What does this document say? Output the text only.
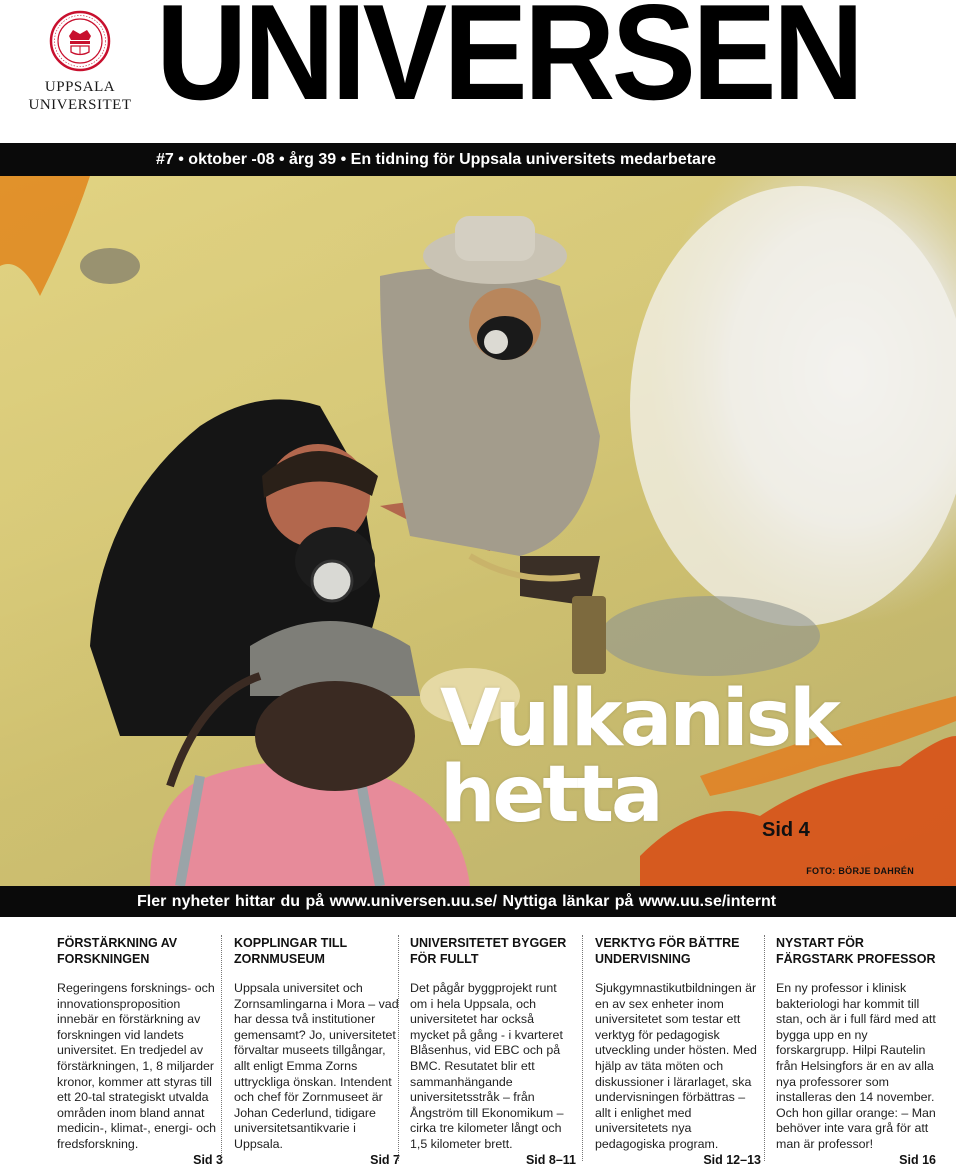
UPPSALA
UNIVERSITET UNIVERSEN
#7 • oktober -08 • årg 39 • En tidning för Uppsala universitets medarbetare
Vulkanisk
hetta	Sid 4
FOTO: BÖRJE DAHRÉN
Fler nyheter hittar du på www.universen.uu.se/ Nyttiga länkar på www.uu.se/internt
FÖRSTÄRKNING AV FORSKNINGEN

Regeringens forsknings- och innovationsproposition innebär en förstärkning av forskningen vid landets universitet. En tredjedel av förstärkningen, 1, 8 miljarder kronor, kommer att styras till ett 20-tal strategiskt utvalda områden inom bland annat medicin-, klimat-, energi- och fredsforskning.

Sid 3
KOPPLINGAR TILL ZORNMUSEUM

Uppsala universitet och Zornsamlingarna i Mora – vad har dessa två institutioner gemensamt? Jo, universitetet förvaltar museets tillgångar, allt enligt Emma Zorns uttryckliga önskan. Intendent och chef för Zornmuseet är Johan Cederlund, tidigare universitetsantikvarie i Uppsala.

Sid 7
UNIVERSITETET BYGGER FÖR FULLT

Det pågår byggprojekt runt om i hela Uppsala, och universitetet har också mycket på gång - i kvarteret Blåsenhus, vid EBC och på BMC. Resutatet blir ett sammanhängande universitetsstråk – från Ångström till Ekonomikum – cirka tre kilometer långt och 1,5 kilometer brett.

Sid 8–11
VERKTYG FÖR BÄTTRE UNDERVISNING

Sjukgymnastikutbildningen är en av sex enheter inom universitetet som testar ett verktyg för pedagogisk utveckling under hösten. Med hjälp av täta möten och diskussioner i lärarlaget, ska undervisningen förbättras – allt i enlighet med universitetets nya pedagogiska program.

Sid 12–13
NYSTART FÖR FÄRGSTARK PROFESSOR

En ny professor i klinisk bakteriologi har kommit till stan, och är i full färd med att bygga upp en ny forskargrupp. Hilpi Rautelin från Helsingfors är en av alla nya professorer som installeras den 14 november. Och hon gillar orange: – Man behöver inte vara grå för att man är professor!

Sid 16
